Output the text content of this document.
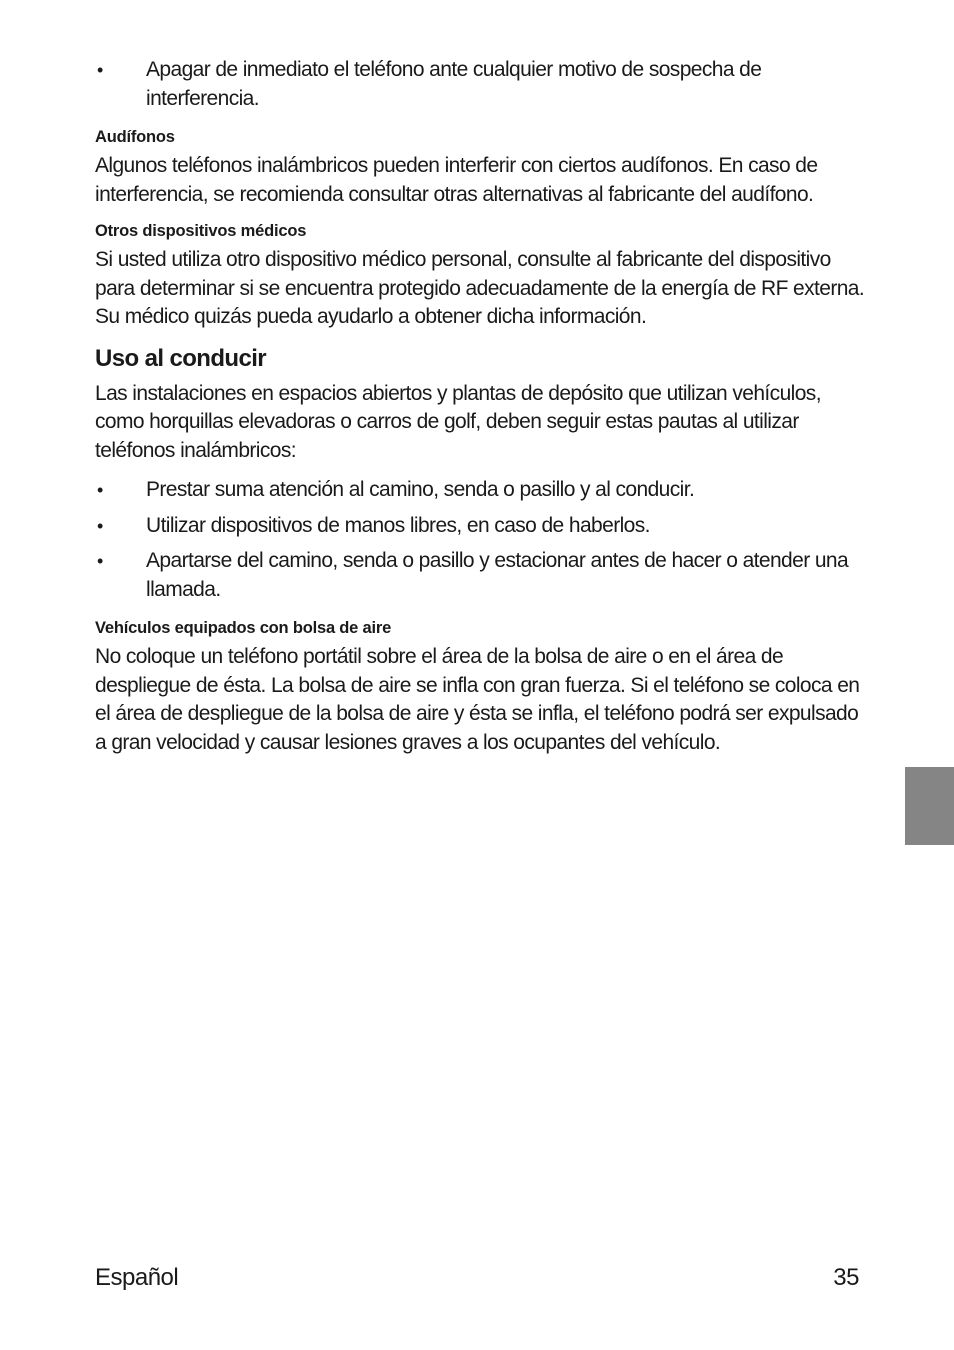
• Apagar de inmediato el teléfono ante cualquier motivo de sospecha de interferencia.

Audífonos

Algunos teléfonos inalámbricos pueden interferir con ciertos audífonos. En caso de interferencia, se recomienda consultar otras alternativas al fabricante del audífono.

Otros dispositivos médicos

Si usted utiliza otro dispositivo médico personal, consulte al fabricante del dispositivo para determinar si se encuentra protegido adecuadamente de la energía de RF externa. Su médico quizás pueda ayudarlo a obtener dicha información.

Uso al conducir

Las instalaciones en espacios abiertos y plantas de depósito que utilizan vehículos, como horquillas elevadoras o carros de golf, deben seguir estas pautas al utilizar teléfonos inalámbricos:

• Prestar suma atención al camino, senda o pasillo y al conducir.
• Utilizar dispositivos de manos libres, en caso de haberlos.
• Apartarse del camino, senda o pasillo y estacionar antes de hacer o atender una llamada.

Vehículos equipados con bolsa de aire

No coloque un teléfono portátil sobre el área de la bolsa de aire o en el área de despliegue de ésta. La bolsa de aire se infla con gran fuerza. Si el teléfono se coloca en el área de despliegue de la bolsa de aire y ésta se infla, el teléfono podrá ser expulsado a gran velocidad y causar lesiones graves a los ocupantes del vehículo.

Español	35
